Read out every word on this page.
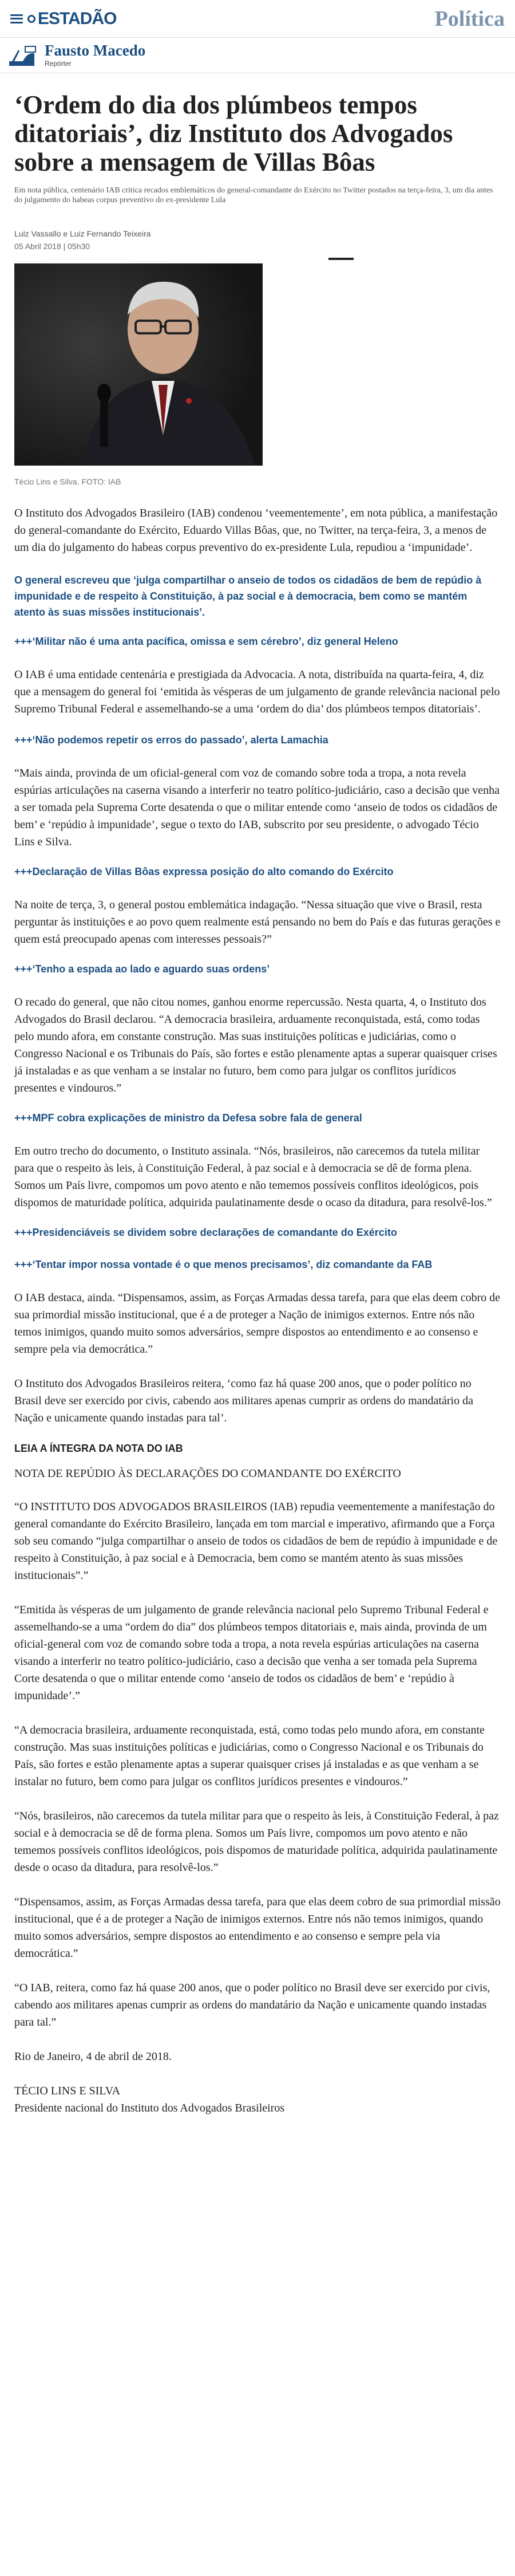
ESTADÃO	Política
Fausto Macedo
Repórter
‘Ordem do dia dos plúmbeos tempos ditatoriais’, diz Instituto dos Advogados sobre a mensagem de Villas Bôas
Em nota pública, centenário IAB critica recados emblemáticos do general-comandante do Exército no Twitter postados na terça-feira, 3, um dia antes do julgamento do habeas corpus preventivo do ex-presidente Lula
Luiz Vassallo e Luiz Fernando Teixeira
05 Abril 2018 | 05h30
Técio Lins e Silva. FOTO: IAB

O Instituto dos Advogados Brasileiro (IAB) condenou ‘veementemente’, em nota pública, a manifestação do general-comandante do Exército, Eduardo Villas Bôas, que, no Twitter, na terça-feira, 3, a menos de um dia do julgamento do habeas corpus preventivo do ex-presidente Lula, repudiou a ‘impunidade’.

O general escreveu que ‘julga compartilhar o anseio de todos os cidadãos de bem de repúdio à impunidade e de respeito à Constituição, à paz social e à democracia, bem como se mantém atento às suas missões institucionais’.
+++‘Militar não é uma anta pacífica, omissa e sem cérebro’, diz general Heleno

O IAB é uma entidade centenária e prestigiada da Advocacia. A nota, distribuída na quarta-feira, 4, diz que a mensagem do general foi ‘emitida às vésperas de um julgamento de grande relevância nacional pelo Supremo Tribunal Federal e assemelhando-se a uma ‘ordem do dia’ dos plúmbeos tempos ditatoriais’.

+++‘Não podemos repetir os erros do passado’, alerta Lamachia

“Mais ainda, provinda de um oficial-general com voz de comando sobre toda a tropa, a nota revela espúrias articulações na caserna visando a interferir no teatro político-judiciário, caso a decisão que venha a ser tomada pela Suprema Corte desatenda o que o militar entende como ‘anseio de todos os cidadãos de bem’ e ‘repúdio à impunidade’, segue o texto do IAB, subscrito por seu presidente, o advogado Técio Lins e Silva.

+++Declaração de Villas Bôas expressa posição do alto comando do Exército

Na noite de terça, 3, o general postou emblemática indagação. “Nessa situação que vive o Brasil, resta perguntar às instituições e ao povo quem realmente está pensando no bem do País e das futuras gerações e quem está preocupado apenas com interesses pessoais?”

+++‘Tenho a espada ao lado e aguardo suas ordens’

O recado do general, que não citou nomes, ganhou enorme repercussão. Nesta quarta, 4, o Instituto dos Advogados do Brasil declarou. “A democracia brasileira, arduamente reconquistada, está, como todas pelo mundo afora, em constante construção. Mas suas instituições políticas e judiciárias, como o Congresso Nacional e os Tribunais do País, são fortes e estão plenamente aptas a superar quaisquer crises já instaladas e as que venham a se instalar no futuro, bem como para julgar os conflitos jurídicos presentes e vindouros.”

+++MPF cobra explicações de ministro da Defesa sobre fala de general

Em outro trecho do documento, o Instituto assinala. “Nós, brasileiros, não carecemos da tutela militar para que o respeito às leis, à Constituição Federal, à paz social e à democracia se dê de forma plena. Somos um País livre, compomos um povo atento e não tememos possíveis conflitos ideológicos, pois dispomos de maturidade política, adquirida paulatinamente desde o ocaso da ditadura, para resolvê-los.”

+++Presidenciáveis se dividem sobre declarações de comandante do Exército
+++‘Tentar impor nossa vontade é o que menos precisamos’, diz comandante da FAB

O IAB destaca, ainda. “Dispensamos, assim, as Forças Armadas dessa tarefa, para que elas deem cobro de sua primordial missão institucional, que é a de proteger a Nação de inimigos externos. Entre nós não temos inimigos, quando muito somos adversários, sempre dispostos ao entendimento e ao consenso e sempre pela via democrática.”

O Instituto dos Advogados Brasileiros reitera, ‘como faz há quase 200 anos, que o poder político no Brasil deve ser exercido por civis, cabendo aos militares apenas cumprir as ordens do mandatário da Nação e unicamente quando instadas para tal’.

LEIA A ÍNTEGRA DA NOTA DO IAB

NOTA DE REPÚDIO ÀS DECLARAÇÕES DO COMANDANTE DO EXÉRCITO

“O INSTITUTO DOS ADVOGADOS BRASILEIROS (IAB) repudia veementemente a manifestação do general comandante do Exército Brasileiro, lançada em tom marcial e imperativo, afirmando que a Força sob seu comando “julga compartilhar o anseio de todos os cidadãos de bem de repúdio à impunidade e de respeito à Constituição, à paz social e à Democracia, bem como se mantém atento às suas missões institucionais”.”

“Emitida às vésperas de um julgamento de grande relevância nacional pelo Supremo Tribunal Federal e assemelhando-se a uma “ordem do dia” dos plúmbeos tempos ditatoriais e, mais ainda, provinda de um oficial-general com voz de comando sobre toda a tropa, a nota revela espúrias articulações na caserna visando a interferir no teatro político-judiciário, caso a decisão que venha a ser tomada pela Suprema Corte desatenda o que o militar entende como ‘anseio de todos os cidadãos de bem’ e ‘repúdio à impunidade’.”

“A democracia brasileira, arduamente reconquistada, está, como todas pelo mundo afora, em constante construção. Mas suas instituições políticas e judiciárias, como o Congresso Nacional e os Tribunais do País, são fortes e estão plenamente aptas a superar quaisquer crises já instaladas e as que venham a se instalar no futuro, bem como para julgar os conflitos jurídicos presentes e vindouros.”

“Nós, brasileiros, não carecemos da tutela militar para que o respeito às leis, à Constituição Federal, à paz social e à democracia se dê de forma plena. Somos um País livre, compomos um povo atento e não tememos possíveis conflitos ideológicos, pois dispomos de maturidade política, adquirida paulatinamente desde o ocaso da ditadura, para resolvê-los.”

“Dispensamos, assim, as Forças Armadas dessa tarefa, para que elas deem cobro de sua primordial missão institucional, que é a de proteger a Nação de inimigos externos. Entre nós não temos inimigos, quando muito somos adversários, sempre dispostos ao entendimento e ao consenso e sempre pela via democrática.”

“O IAB, reitera, como faz há quase 200 anos, que o poder político no Brasil deve ser exercido por civis, cabendo aos militares apenas cumprir as ordens do mandatário da Nação e unicamente quando instadas para tal.”

Rio de Janeiro, 4 de abril de 2018.

TÉCIO LINS E SILVA

Presidente nacional do Instituto dos Advogados Brasileiros
